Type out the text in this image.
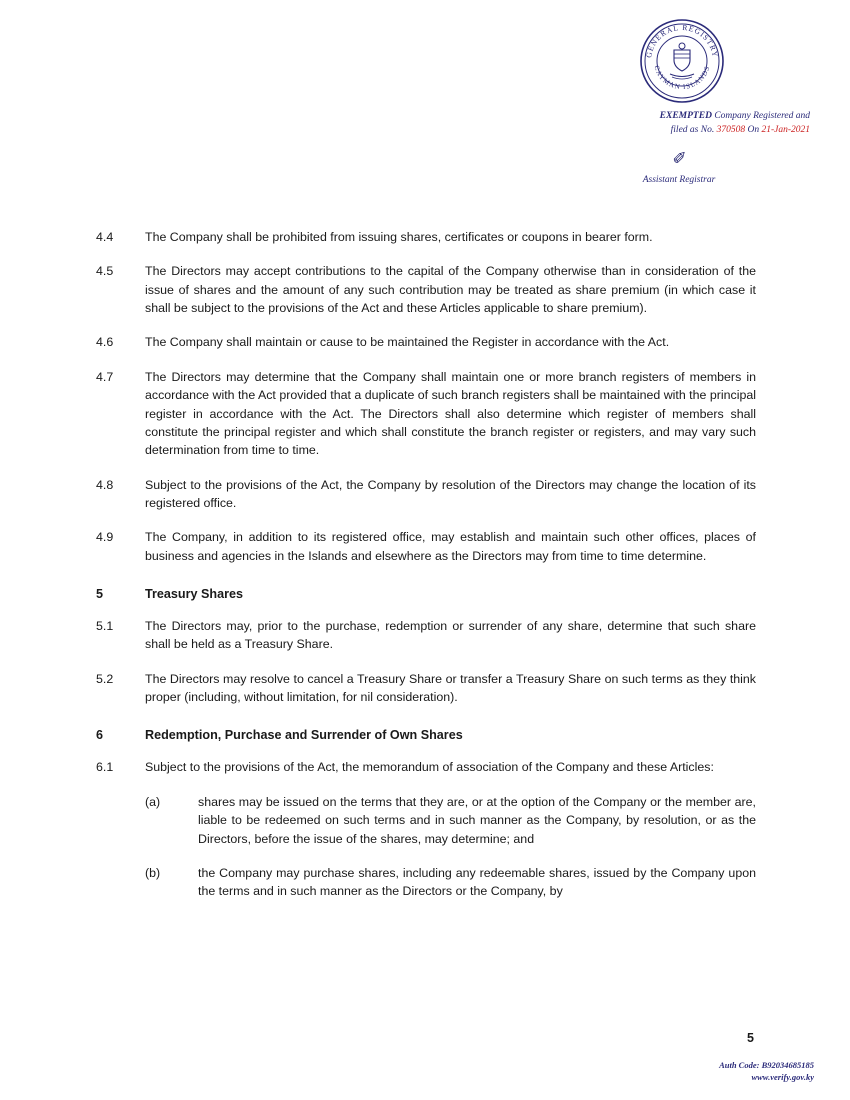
GENERAL REGISTRY
CAYMAN ISLANDS
EXEMPTED Company Registered and
filed as No. 370508 On 21-Jan-2021
✐
Assistant Registrar
4.4	The Company shall be prohibited from issuing shares, certificates or coupons in bearer form.
4.5	The Directors may accept contributions to the capital of the Company otherwise than in consideration of the issue of shares and the amount of any such contribution may be treated as share premium (in which case it shall be subject to the provisions of the Act and these Articles applicable to share premium).
4.6	The Company shall maintain or cause to be maintained the Register in accordance with the Act.
4.7	The Directors may determine that the Company shall maintain one or more branch registers of members in accordance with the Act provided that a duplicate of such branch registers shall be maintained with the principal register in accordance with the Act. The Directors shall also determine which register of members shall constitute the principal register and which shall constitute the branch register or registers, and may vary such determination from time to time.
4.8	Subject to the provisions of the Act, the Company by resolution of the Directors may change the location of its registered office.
4.9	The Company, in addition to its registered office, may establish and maintain such other offices, places of business and agencies in the Islands and elsewhere as the Directors may from time to time determine.
5	Treasury Shares
5.1	The Directors may, prior to the purchase, redemption or surrender of any share, determine that such share shall be held as a Treasury Share.
5.2	The Directors may resolve to cancel a Treasury Share or transfer a Treasury Share on such terms as they think proper (including, without limitation, for nil consideration).
6	Redemption, Purchase and Surrender of Own Shares
6.1	Subject to the provisions of the Act, the memorandum of association of the Company and these Articles:
(a)	shares may be issued on the terms that they are, or at the option of the Company or the member are, liable to be redeemed on such terms and in such manner as the Company, by resolution, or as the Directors, before the issue of the shares, may determine; and
(b)	the Company may purchase shares, including any redeemable shares, issued by the Company upon the terms and in such manner as the Directors or the Company, by
5
Auth Code: B92034685185
www.verify.gov.ky
